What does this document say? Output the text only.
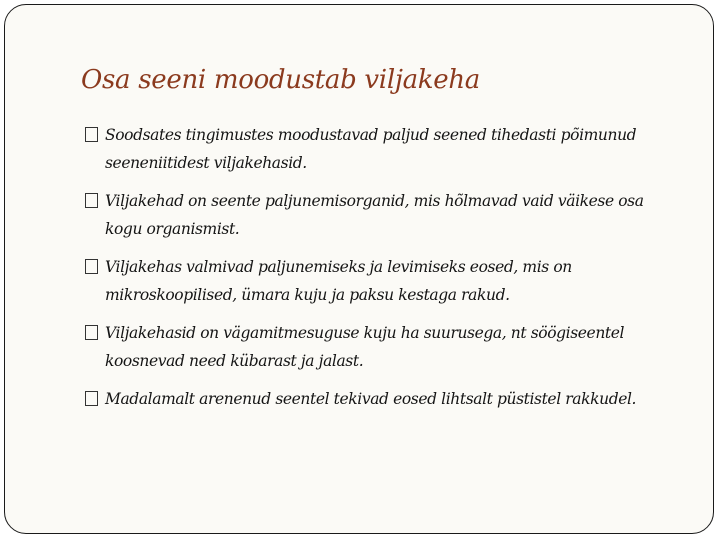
Osa seeni moodustab viljakeha
Soodsates tingimustes moodustavad paljud seened tihedasti põimunud seeneniitidest viljakehasid.
Viljakehad on seente paljunemisorganid, mis hõlmavad vaid väikese osa kogu organismist.
Viljakehas valmivad paljunemiseks ja levimiseks eosed, mis on mikroskoopilised, ümara kuju ja paksu kestaga rakud.
Viljakehasid on vägamitmesuguse kuju ha suurusega, nt söögiseentel koosnevad need kübarast ja jalast.
Madalamalt arenenud seentel tekivad eosed lihtsalt püstistel rakkudel.
